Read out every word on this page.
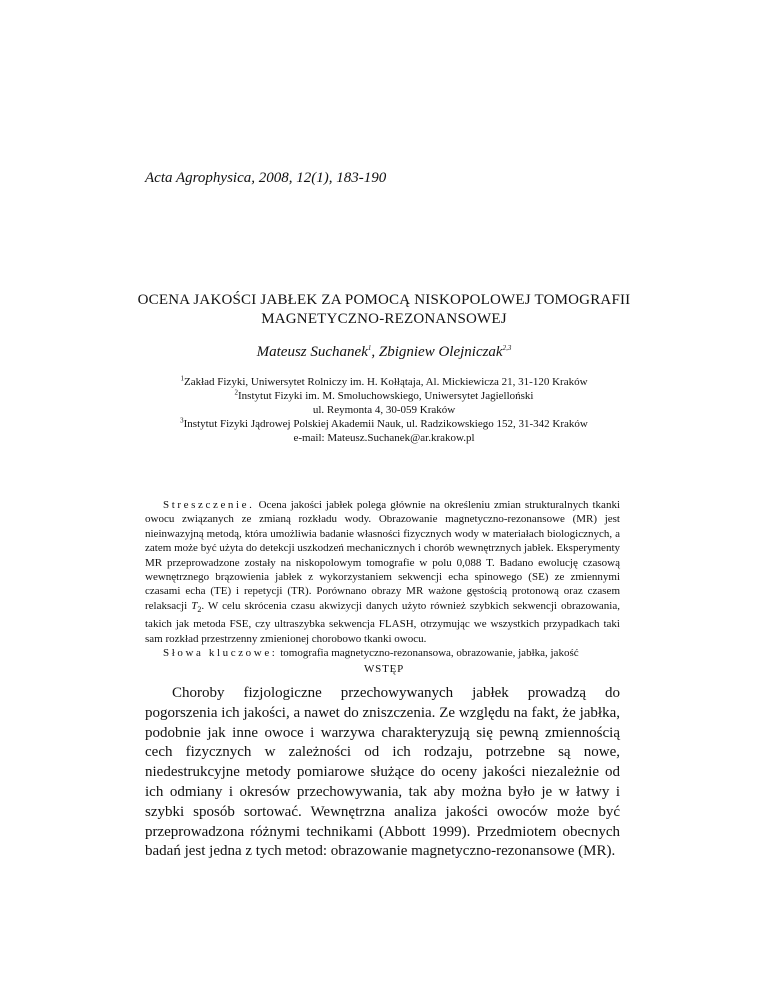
Acta Agrophysica, 2008, 12(1), 183-190
OCENA JAKOŚCI JABŁEK ZA POMOCĄ NISKOPOLOWEJ TOMOGRAFII
MAGNETYCZNO-REZONANSOWEJ
Mateusz Suchanek$^1$, Zbigniew Olejniczak$^{2,3}$
$^1$Zakład Fizyki, Uniwersytet Rolniczy im. H. Kołłątaja, Al. Mickiewicza 21, 31-120 Kraków
$^2$Instytut Fizyki im. M. Smoluchowskiego, Uniwersytet Jagielloński
ul. Reymonta 4, 30-059 Kraków
$^3$Instytut Fizyki Jądrowej Polskiej Akademii Nauk, ul. Radzikowskiego 152, 31-342 Kraków
e-mail: Mateusz.Suchanek@ar.krakow.pl

Streszczenie. Ocena jakości jabłek polega głównie na określeniu zmian strukturalnych tkanki owocu związanych ze zmianą rozkładu wody. Obrazowanie magnetyczno-rezonansowe (MR) jest nieinwazyjną metodą, która umożliwia badanie własności fizycznych wody w materiałach biologicznych, a zatem może być użyta do detekcji uszkodzeń mechanicznych i chorób wewnętrznych jabłek. Eksperymenty MR przeprowadzone zostały na niskopolowym tomografie w polu 0,088 T. Badano ewolucję czasową wewnętrznego brązowienia jabłek z wykorzystaniem sekwencji echa spinowego (SE) ze zmiennymi czasami echa (TE) i repetycji (TR). Porównano obrazy MR ważone gęstością protonową oraz czasem relaksacji $T_2$. W celu skrócenia czasu akwizycji danych użyto również szybkich sekwencji obrazowania, takich jak metoda FSE, czy ultraszybka sekwencja FLASH, otrzymując we wszystkich przypadkach taki sam rozkład przestrzenny zmienionej chorobowo tkanki owocu.

Słowa kluczowe: tomografia magnetyczno-rezonansowa, obrazowanie, jabłka, jakość

WSTĘP

Choroby fizjologiczne przechowywanych jabłek prowadzą do pogorszenia ich jakości, a nawet do zniszczenia. Ze względu na fakt, że jabłka, podobnie jak inne owoce i warzywa charakteryzują się pewną zmiennością cech fizycznych w zależności od ich rodzaju, potrzebne są nowe, niedestrukcyjne metody pomiarowe służące do oceny jakości niezależnie od ich odmiany i okresów przechowywania, tak aby można było je w łatwy i szybki sposób sortować. Wewnętrzna analiza jakości owoców może być przeprowadzona różnymi technikami (Abbott 1999). Przedmiotem obecnych badań jest jedna z tych metod: obrazowanie magnetyczno-rezonansowe (MR).
